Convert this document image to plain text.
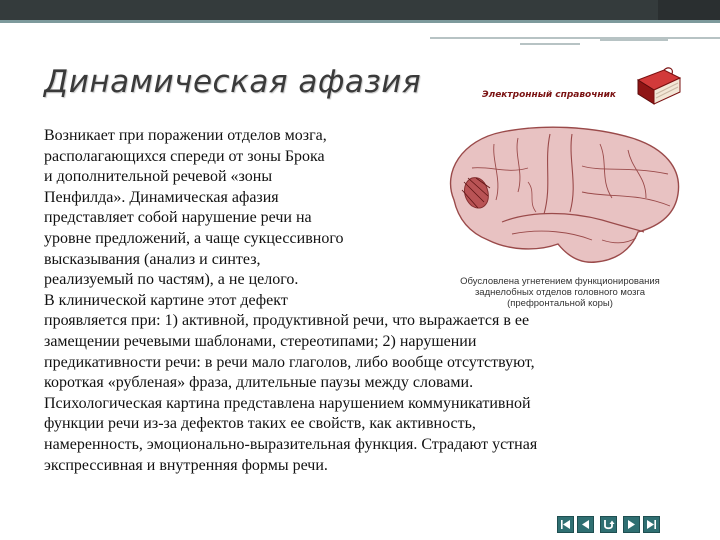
Динамическая афазия	Электронный справочник
Обусловлена угнетением функционирования
заднелобных отделов головного мозга
(префронтальной коры)

Возникает при поражении отделов мозга,
располагающихся спереди от зоны Брока
и дополнительной речевой «зоны
Пенфилда». Динамическая афазия
представляет собой нарушение речи на
уровне предложений, а чаще сукцессивного
высказывания (анализ и синтез,
реализуемый по частям), а не целого.
В клинической картине этот дефект
проявляется при: 1) активной, продуктивной речи, что выражается в ее
замещении речевыми шаблонами, стереотипами; 2) нарушении
предикативности речи: в речи мало глаголов, либо вообще отсутствуют,
короткая «рубленая» фраза, длительные паузы между словами.
Психологическая картина представлена нарушением коммуникативной
функции речи из-за дефектов таких ее свойств, как активность,
намеренность, эмоционально-выразительная функция. Страдают устная
экспрессивная и внутренняя формы речи.
